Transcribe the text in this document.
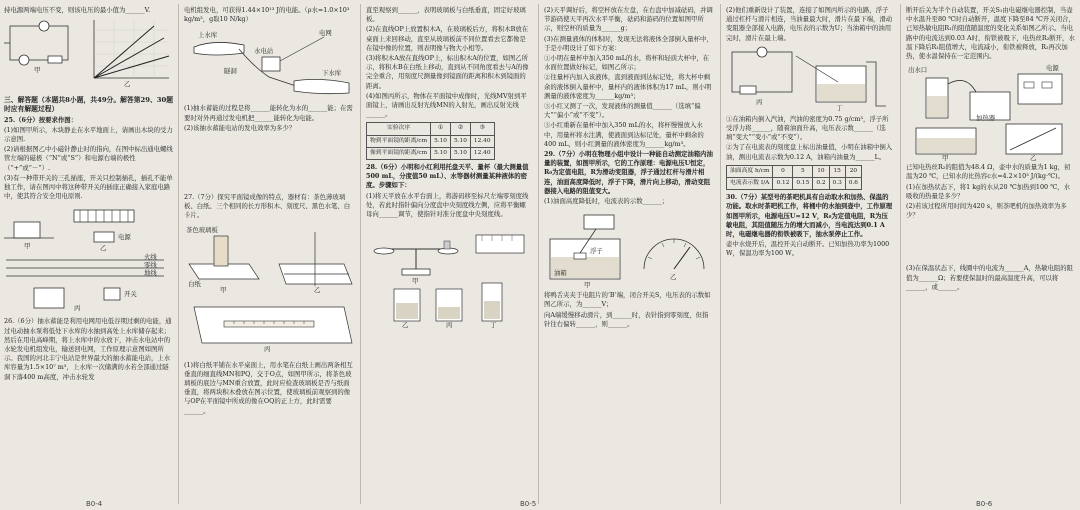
持电源两端电压不变，则该电压的最小值为______V.

甲
乙

三、解答题（本题共8小题，共49分。解答第29、30题时应有解题过程）

25.（6分）按要求作图：

(1)如图甲所示，木块静止在水平地面上，请画出木块的受力示意图.

(2)请根据图乙中小磁针静止时的指向，在图中标出通电螺线管左端的磁极（“N”或“S”）和电源右端的极性（“+”或“－”）.

(3)有一种带开关的三孔插座，开关只控制插孔，插孔不能单独工作，请在图丙中将这种带开关的插座正确接入家庭电路中，使其符合安全用电原则.

甲	乙
电源
火线
零线
地线
开关
丙

26.（6分）抽水蓄能是利用电网用电低谷期过剩的电能，通过电动抽水泵将低处下水库的水抽到高处上水库储存起来；然后在用电高峰期，将上水库中的水放下，冲击水电站中的水轮发电机组发电，输送回电网，工作原理示意图如图所示。我国的河北丰宁电站是世界最大的抽水蓄能电站，上水库容量为1.5×10⁷ m³，上水库一次储满的水若全部通过隧洞下落400 m高度，冲击水轮发

B0-4

电机组发电，可获得1.44×10¹³ J的电能。（ρ水=1.0×10³ kg/m³，g取10 N/kg）

上水库
水电站
隧洞
电网
下水库

(1)抽水蓄能的过程是将______能转化为水的______能；在需要时对外再通过发电机把______能转化为电能。

(2)该抽水蓄能电站的发电效率为多少？

27.（7分）探究平面镜成像的特点，器材有：茶色薄玻璃板、白纸、三个相同的长方形积木、刻度尺、黑色水笔、白卡片。

茶色玻璃板
白纸
甲	乙
丙

(1)将白纸平铺在水平桌面上，用水笔在白纸上画出两条相互垂直的细直线MN和PQ，交于O点，如图甲所示，将茶色玻璃板的底边与MN重合放置，此时应检查玻璃板是否与纸面垂直，将两块积木叠放在图示位置，使玻璃板前观察到的像与OP在平面镜中所成的像在OQ的正上方，此时需要______。

直至观察到______，表明玻璃板与白纸垂直，固定好玻璃板。

(2)在直线OP上放置积木A，在玻璃板后方，将积木B放在桌面上来回移动，直至从玻璃板前不同位置看去它都像是在镜中像的位置，则表明像与物大小相等。

(3)将积木A放在直线OP上，标出积木A的位置，如图乙所示，将积木B在白纸上移动，直到从不同角度看去与A的像完全重合，用刻度尺测量像到镜面的距离和积木到镜面的距离。

(4)如图丙所示，物体在平面镜中成像时，光线MV射到平面镜上，请画出反射光线MN的入射光，画出反射光线______。

实验次序	①	②	③
物到平面镜的距离/cm	5.10	5.10	12.40
像到平面镜的距离/cm	5.10	5.10	12.40

28.（6分）小明和小红利用托盘天平、量杯（最大测量值500 mL，分度值50 mL）、水等器材测量某种液体的密度。步骤如下：

(1)将天平放在水平台面上，将游码移至标尺左端零刻度线处，若此时指针偏向分度盘中央刻度线左侧，应将平衡螺母向______调节，使指针对准分度盘中央刻度线。

甲
乙	丙	丁
B0-5

(2)天平调好后，将空杯放在左盘，在右盘中加减砝码，并调节游码使天平再次水平平衡，砝码和游码的位置如图甲所示，则空杯的质量为______g；

(3)在测量液体的体积时，发现无法将液体全部倒入量杯中，于是小明设计了如下方案：

①小明在量杯中加入350 mL的水，将杯和轻质大杯中，在水面位置做好标记，如图乙所示；

②往量杯内加入该液体，直到液面到达标记处，将大杯中剩余的液体倒入量杯中，量杯内的液体体积为17 mL，则小明测量的液体密度为______kg/m³；

③小红又测了一次，发现液体的测量值______（选填“偏大”“偏小”或“不变”）。

③小红重新在量杯中加入350 mL的水，将杯慢慢放入水中，用量杯将水注满，使液面到达标记处，量杯中剩余的400 mL，则小红测量的液体密度为______kg/m³。

29.（7分）小明在物理小组中设计一种能自动测定油箱内油量的装置，如图甲所示，它的工作原理：电源电压U恒定，R₀为定值电阻，R为滑动变阻器，浮子通过杠杆与滑片相连，油面高度降低时，浮子下降，滑片向上移动，滑动变阻器接入电路的阻值变大。

(1)油面高度降低时，电流表的示数______；

浮子
油箱
甲
乙

将鸭舌夹夹于电阻片的‘B’端，闭合开关S，电压表的示数如图乙所示，为______V；

向A端缓慢移动滑片，到______时，表针指到零刻度，但指针往右偏转______，则______。

(2)他们重新设计了装置，连接了如图丙所示的电路，浮子通过杠杆与滑片相连，当油量最大时，滑片在最下端，滑动变阻器全部接入电路，电压表的示数为U；当油箱中的油用完时，滑片在最上端。

丙
丁

①在油箱内倒入汽油，汽油的密度为0.75 g/cm³，浮子所受浮力将______，随着油面升高，电压表示数______（选填“变大”“变小”或“不变”）。

②为了在电流表的刻度盘上标出油量值，小明在油箱中倒入油，测出电流表示数为0.12 A，油箱内油量为______L。

油面高度 h/cm	0	5	10	15	20
电流表示数 I/A	0.12	0.15	0.2	0.3	0.6

30.（7分）某型号的茶吧机具有自动取水和加热、保温的功能。取水时茶吧机工作，将桶中的水抽到壶中，工作原理如图甲所示，电源电压U=12 V，R₀为定值电阻，R为压敏电阻，其阻值随压力的增大而减小，当电流达到0.1 A时，电磁继电器的衔铁被吸下，抽水泵停止工作。

壶中水烧开后，温控开关自动断开。已知加热功率为1000 W，保温功率为100 W。

断开后关为半个自动装置，开关S₁由电磁继电器控制，当壶中水温升至80 ℃时自动断开，温度下降至84 ℃开关闭合，已知热敏电阻R₁的阻值随温度的变化关系如图乙所示。当电路中的电流达到0.03 A时，衔铁被吸下，电热丝R₂断开，水温下降后R₁阻值增大，电流减小，衔铁被释放，R₂再次加热，使水温保持在一定范围内。

出水口
加热器
电源
甲	乙

已知电热丝R₂的阻值为48.4 Ω，壶中水的质量为1 kg，初温为20 ℃，已知水的比热容c水=4.2×10³ J/(kg·℃)。

(1)在加热状态下，将1 kg的水从20 ℃加热到100 ℃，水吸收的热量是多少？

(2)若该过程所用时间为420 s，则茶吧机的加热效率为多少？

(3)在保温状态下，线圈中的电流为______A，热敏电阻的阻值为______Ω；若要使保温时的最高温度升高，可以将______，或______。

B0-6
